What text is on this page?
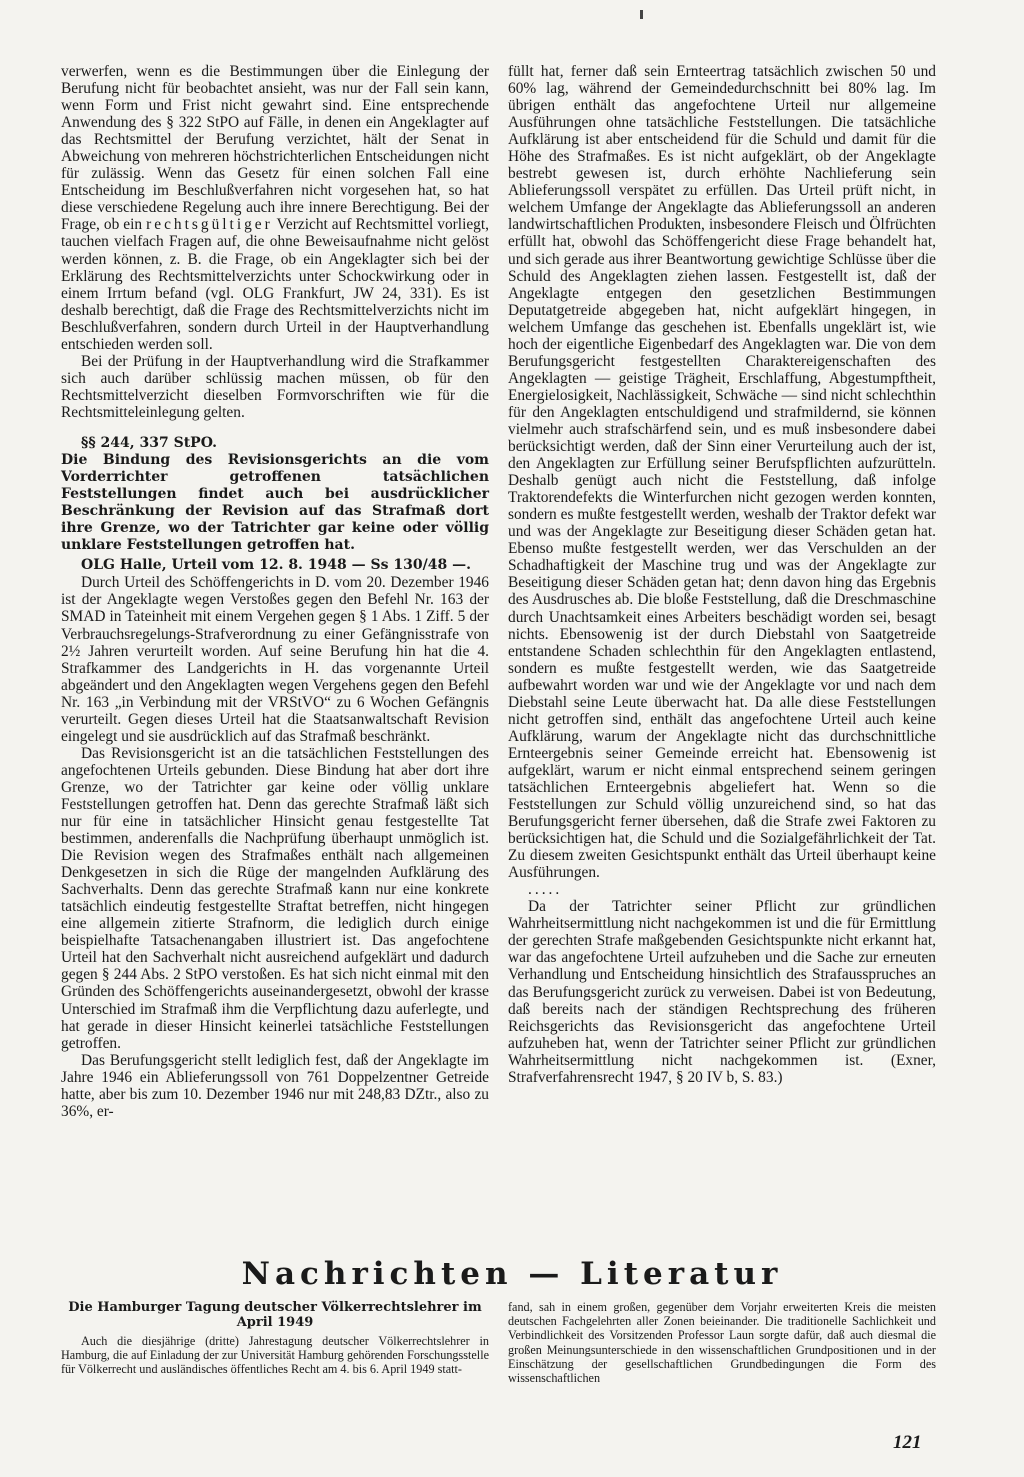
verwerfen, wenn es die Bestimmungen über die Einlegung der Berufung nicht für beobachtet ansieht, was nur der Fall sein kann, wenn Form und Frist nicht gewahrt sind. Eine entsprechende Anwendung des § 322 StPO auf Fälle, in denen ein Angeklagter auf das Rechtsmittel der Berufung verzichtet, hält der Senat in Abweichung von mehreren höchstrichterlichen Entscheidungen nicht für zulässig. Wenn das Gesetz für einen solchen Fall eine Entscheidung im Beschlußverfahren nicht vorgesehen hat, so hat diese verschiedene Regelung auch ihre innere Berechtigung. Bei der Frage, ob ein rechtsgültiger Verzicht auf Rechtsmittel vorliegt, tauchen vielfach Fragen auf, die ohne Beweisaufnahme nicht gelöst werden können, z. B. die Frage, ob ein Angeklagter sich bei der Erklärung des Rechtsmittelverzichts unter Schockwirkung oder in einem Irrtum befand (vgl. OLG Frankfurt, JW 24, 331). Es ist deshalb berechtigt, daß die Frage des Rechtsmittelverzichts nicht im Beschlußverfahren, sondern durch Urteil in der Hauptverhandlung entschieden werden soll.

Bei der Prüfung in der Hauptverhandlung wird die Strafkammer sich auch darüber schlüssig machen müssen, ob für den Rechtsmittelverzicht dieselben Formvorschriften wie für die Rechtsmitteleinlegung gelten.

§§ 244, 337 StPO.

Die Bindung des Revisionsgerichts an die vom Vorderrichter getroffenen tatsächlichen Feststellungen findet auch bei ausdrücklicher Beschränkung der Revision auf das Strafmaß dort ihre Grenze, wo der Tatrichter gar keine oder völlig unklare Feststellungen getroffen hat.

OLG Halle, Urteil vom 12. 8. 1948 — Ss 130/48 —.

Durch Urteil des Schöffengerichts in D. vom 20. Dezember 1946 ist der Angeklagte wegen Verstoßes gegen den Befehl Nr. 163 der SMAD in Tateinheit mit einem Vergehen gegen § 1 Abs. 1 Ziff. 5 der Verbrauchsregelungs-Strafverordnung zu einer Gefängnisstrafe von 2½ Jahren verurteilt worden. Auf seine Berufung hin hat die 4. Strafkammer des Landgerichts in H. das vorgenannte Urteil abgeändert und den Angeklagten wegen Vergehens gegen den Befehl Nr. 163 „in Verbindung mit der VRStVO“ zu 6 Wochen Gefängnis verurteilt. Gegen dieses Urteil hat die Staatsanwaltschaft Revision eingelegt und sie ausdrücklich auf das Strafmaß beschränkt.

Das Revisionsgericht ist an die tatsächlichen Feststellungen des angefochtenen Urteils gebunden. Diese Bindung hat aber dort ihre Grenze, wo der Tatrichter gar keine oder völlig unklare Feststellungen getroffen hat. Denn das gerechte Strafmaß läßt sich nur für eine in tatsächlicher Hinsicht genau festgestellte Tat bestimmen, anderenfalls die Nachprüfung überhaupt unmöglich ist. Die Revision wegen des Strafmaßes enthält nach allgemeinen Denkgesetzen in sich die Rüge der mangelnden Aufklärung des Sachverhalts. Denn das gerechte Strafmaß kann nur eine konkrete tatsächlich eindeutig festgestellte Straftat betreffen, nicht hingegen eine allgemein zitierte Strafnorm, die lediglich durch einige beispielhafte Tatsachenangaben illustriert ist. Das angefochtene Urteil hat den Sachverhalt nicht ausreichend aufgeklärt und dadurch gegen § 244 Abs. 2 StPO verstoßen. Es hat sich nicht einmal mit den Gründen des Schöffengerichts auseinandergesetzt, obwohl der krasse Unterschied im Strafmaß ihm die Verpflichtung dazu auferlegte, und hat gerade in dieser Hinsicht keinerlei tatsächliche Feststellungen getroffen.

Das Berufungsgericht stellt lediglich fest, daß der Angeklagte im Jahre 1946 ein Ablieferungssoll von 761 Doppelzentner Getreide hatte, aber bis zum 10. Dezember 1946 nur mit 248,83 DZtr., also zu 36%, er-

füllt hat, ferner daß sein Ernteertrag tatsächlich zwischen 50 und 60% lag, während der Gemeindedurchschnitt bei 80% lag. Im übrigen enthält das angefochtene Urteil nur allgemeine Ausführungen ohne tatsächliche Feststellungen. Die tatsächliche Aufklärung ist aber entscheidend für die Schuld und damit für die Höhe des Strafmaßes. Es ist nicht aufgeklärt, ob der Angeklagte bestrebt gewesen ist, durch erhöhte Nachlieferung sein Ablieferungssoll verspätet zu erfüllen. Das Urteil prüft nicht, in welchem Umfange der Angeklagte das Ablieferungssoll an anderen landwirtschaftlichen Produkten, insbesondere Fleisch und Ölfrüchten erfüllt hat, obwohl das Schöffengericht diese Frage behandelt hat, und sich gerade aus ihrer Beantwortung gewichtige Schlüsse über die Schuld des Angeklagten ziehen lassen. Festgestellt ist, daß der Angeklagte entgegen den gesetzlichen Bestimmungen Deputatgetreide abgegeben hat, nicht aufgeklärt hingegen, in welchem Umfange das geschehen ist. Ebenfalls ungeklärt ist, wie hoch der eigentliche Eigenbedarf des Angeklagten war. Die von dem Berufungsgericht festgestellten Charaktereigenschaften des Angeklagten — geistige Trägheit, Erschlaffung, Abgestumpftheit, Energielosigkeit, Nachlässigkeit, Schwäche — sind nicht schlechthin für den Angeklagten entschuldigend und strafmildernd, sie können vielmehr auch strafschärfend sein, und es muß insbesondere dabei berücksichtigt werden, daß der Sinn einer Verurteilung auch der ist, den Angeklagten zur Erfüllung seiner Berufspflichten aufzurütteln. Deshalb genügt auch nicht die Feststellung, daß infolge Traktorendefekts die Winterfurchen nicht gezogen werden konnten, sondern es mußte festgestellt werden, weshalb der Traktor defekt war und was der Angeklagte zur Beseitigung dieser Schäden getan hat. Ebenso mußte festgestellt werden, wer das Verschulden an der Schadhaftigkeit der Maschine trug und was der Angeklagte zur Beseitigung dieser Schäden getan hat; denn davon hing das Ergebnis des Ausdrusches ab. Die bloße Feststellung, daß die Dreschmaschine durch Unachtsamkeit eines Arbeiters beschädigt worden sei, besagt nichts. Ebensowenig ist der durch Diebstahl von Saatgetreide entstandene Schaden schlechthin für den Angeklagten entlastend, sondern es mußte festgestellt werden, wie das Saatgetreide aufbewahrt worden war und wie der Angeklagte vor und nach dem Diebstahl seine Leute überwacht hat. Da alle diese Feststellungen nicht getroffen sind, enthält das angefochtene Urteil auch keine Aufklärung, warum der Angeklagte nicht das durchschnittliche Ernteergebnis seiner Gemeinde erreicht hat. Ebensowenig ist aufgeklärt, warum er nicht einmal entsprechend seinem geringen tatsächlichen Ernteergebnis abgeliefert hat. Wenn so die Feststellungen zur Schuld völlig unzureichend sind, so hat das Berufungsgericht ferner übersehen, daß die Strafe zwei Faktoren zu berücksichtigen hat, die Schuld und die Sozialgefährlichkeit der Tat. Zu diesem zweiten Gesichtspunkt enthält das Urteil überhaupt keine Ausführungen.

.....

Da der Tatrichter seiner Pflicht zur gründlichen Wahrheitsermittlung nicht nachgekommen ist und die für Ermittlung der gerechten Strafe maßgebenden Gesichtspunkte nicht erkannt hat, war das angefochtene Urteil aufzuheben und die Sache zur erneuten Verhandlung und Entscheidung hinsichtlich des Strafausspruches an das Berufungsgericht zurück zu verweisen. Dabei ist von Bedeutung, daß bereits nach der ständigen Rechtsprechung des früheren Reichsgerichts das Revisionsgericht das angefochtene Urteil aufzuheben hat, wenn der Tatrichter seiner Pflicht zur gründlichen Wahrheitsermittlung nicht nachgekommen ist. (Exner, Strafverfahrensrecht 1947, § 20 IV b, S. 83.)

Nachrichten — Literatur

Die Hamburger Tagung deutscher Völkerrechtslehrer im April 1949

Auch die diesjährige (dritte) Jahrestagung deutscher Völkerrechtslehrer in Hamburg, die auf Einladung der zur Universität Hamburg gehörenden Forschungsstelle für Völkerrecht und ausländisches öffentliches Recht am 4. bis 6. April 1949 statt-

fand, sah in einem großen, gegenüber dem Vorjahr erweiterten Kreis die meisten deutschen Fachgelehrten aller Zonen beieinander. Die traditionelle Sachlichkeit und Verbindlichkeit des Vorsitzenden Professor Laun sorgte dafür, daß auch diesmal die großen Meinungsunterschiede in den wissenschaftlichen Grundpositionen und in der Einschätzung der gesellschaftlichen Grundbedingungen die Form des wissenschaftlichen

121
